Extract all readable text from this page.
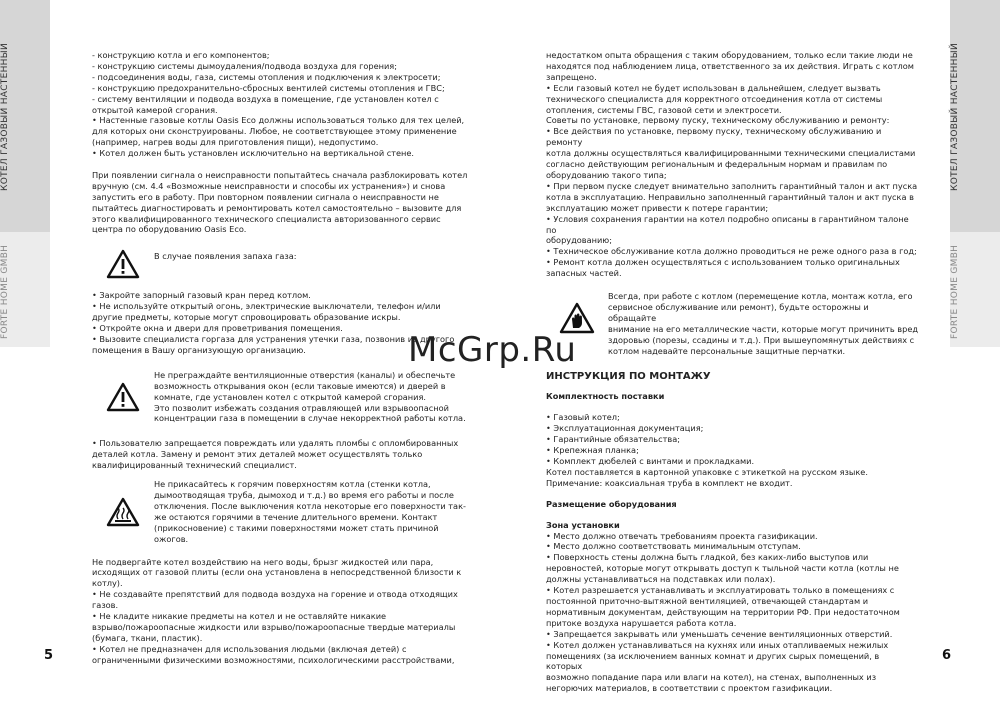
КОТЕЛ ГАЗОВЫЙ НАСТЕННЫЙ
FORTE HOME GMBH
КОТЕЛ ГАЗОВЫЙ НАСТЕННЫЙ
FORTE HOME GMBH
5	6

- конструкцию котла и его компонентов;

- конструкцию системы дымоудаления/подвода воздуха для горения;

- подсоединения воды, газа, системы отопления и подключения к электросети;

- конструкцию предохранительно-сбросных вентилей системы отопления и ГВС;

- систему вентиляции и подвода воздуха в помещение, где установлен котел с

открытой камерой сгорания.

• Настенные газовые котлы Oasis Eco должны использоваться только для тех целей,

для которых они сконструированы. Любое, не соответствующее этому применение

(например, нагрев воды для приготовления пищи), недопустимо.

• Котел должен быть установлен исключительно на вертикальной стене.

При появлении сигнала о неисправности попытайтесь сначала разблокировать котел

вручную (см. 4.4 «Возможные неисправности и способы их устранения») и снова

запустить его в работу. При повторном появлении сигнала о неисправности не

пытайтесь диагностировать и ремонтировать котел самостоятельно – вызовите для

этого квалифицированного технического специалиста авторизованного сервис

центра по оборудованию Oasis Eco.

В случае появления запаха газа:

• Закройте запорный газовый кран перед котлом.

• Не используйте открытый огонь, электрические выключатели, телефон и/или

другие предметы, которые могут спровоцировать образование искры.

• Откройте окна и двери для проветривания помещения.

• Вызовите специалиста горгаза для устранения утечки газа, позвонив из другого

помещения в Вашу организующую организацию.

Не преграждайте вентиляционные отверстия (каналы) и обеспечьте

возможность открывания окон (если таковые имеются) и дверей в

комнате, где установлен котел с открытой камерой сгорания.

Это позволит избежать создания отравляющей или взрывоопасной

концентрации газа в помещении в случае некорректной работы котла.

• Пользователю запрещается повреждать или удалять пломбы с опломбированных

деталей котла. Замену и ремонт этих деталей может осуществлять только

квалифицированный технический специалист.

Не прикасайтесь к горячим поверхностям котла (стенки котла,

дымоотводящая труба, дымоход и т.д.) во время его работы и после

отключения. После выключения котла некоторые его поверхности так-

же остаются горячими в течение длительного времени. Контакт

(прикосновение) с такими поверхностями может стать причиной

ожогов.

Не подвергайте котел воздействию на него воды, брызг жидкостей или пара,

исходящих от газовой плиты (если она установлена в непосредственной близости к

котлу).

• Не создавайте препятствий для подвода воздуха на горение и отвода отходящих

газов.

• Не кладите никакие предметы на котел и не оставляйте никакие

взрыво/пожароопасные жидкости или взрыво/пожароопасные твердые материалы

(бумага, ткани, пластик).

• Котел не предназначен для использования людьми (включая детей) с

ограниченными физическими возможностями, психологическими расстройствами,

недостатком опыта обращения с таким оборудованием, только если такие люди не

находятся под наблюдением лица, ответственного за их действия. Играть с котлом

запрещено.

• Если газовый котел не будет использован в дальнейшем, следует вызвать

технического специалиста для корректного отсоединения котла от системы

отопления, системы ГВС, газовой сети и электросети.

Советы по установке, первому пуску, техническому обслуживанию и ремонту:

• Все действия по установке, первому пуску, техническому обслуживанию и ремонту

котла должны осуществляться квалифицированными техническими специалистами

согласно действующим региональным и федеральным нормам и правилам по

оборудованию такого типа;

• При первом пуске следует внимательно заполнить гарантийный талон и акт пуска

котла в эксплуатацию. Неправильно заполненный гарантийный талон и акт пуска в

эксплуатацию может привести к потере гарантии;

• Условия сохранения гарантии на котел подробно описаны в гарантийном талоне по

оборудованию;

• Техническое обслуживание котла должно проводиться не реже одного раза в год;

• Ремонт котла должен осуществляться с использованием только оригинальных

запасных частей.

Всегда, при работе с котлом (перемещение котла, монтаж котла, его

сервисное обслуживание или ремонт), будьте осторожны и обращайте

внимание на его металлические части, которые могут причинить вред

здоровью (порезы, ссадины и т.д.). При вышеупомянутых действиях с

котлом надевайте персональные защитные перчатки.

ИНСТРУКЦИЯ ПО МОНТАЖУ

Комплектность поставки

• Газовый котел;

• Эксплуатационная документация;

• Гарантийные обязательства;

• Крепежная планка;

• Комплект дюбелей с винтами и прокладками.

Котел поставляется в картонной упаковке с этикеткой на русском языке.

Примечание: коаксиальная труба в комплект не входит.

Размещение оборудования

Зона установки

• Место должно отвечать требованиям проекта газификации.

• Место должно соответствовать минимальным отступам.

• Поверхность стены должна быть гладкой, без каких-либо выступов или

неровностей, которые могут открывать доступ к тыльной части котла (котлы не

должны устанавливаться на подставках или полах).

• Котел разрешается устанавливать и эксплуатировать только в помещениях с

постоянной приточно-вытяжной вентиляцией, отвечающей стандартам и

нормативным документам, действующим на территории РФ. При недостаточном

притоке воздуха нарушается работа котла.

• Запрещается закрывать или уменьшать сечение вентиляционных отверстий.

• Котел должен устанавливаться на кухнях или иных отапливаемых нежилых

помещениях (за исключением ванных комнат и других сырых помещений, в которых

возможно попадание пара или влаги на котел), на стенах, выполненных из

негорючих материалов, в соответствии с проектом газификации.

McGrp.Ru
